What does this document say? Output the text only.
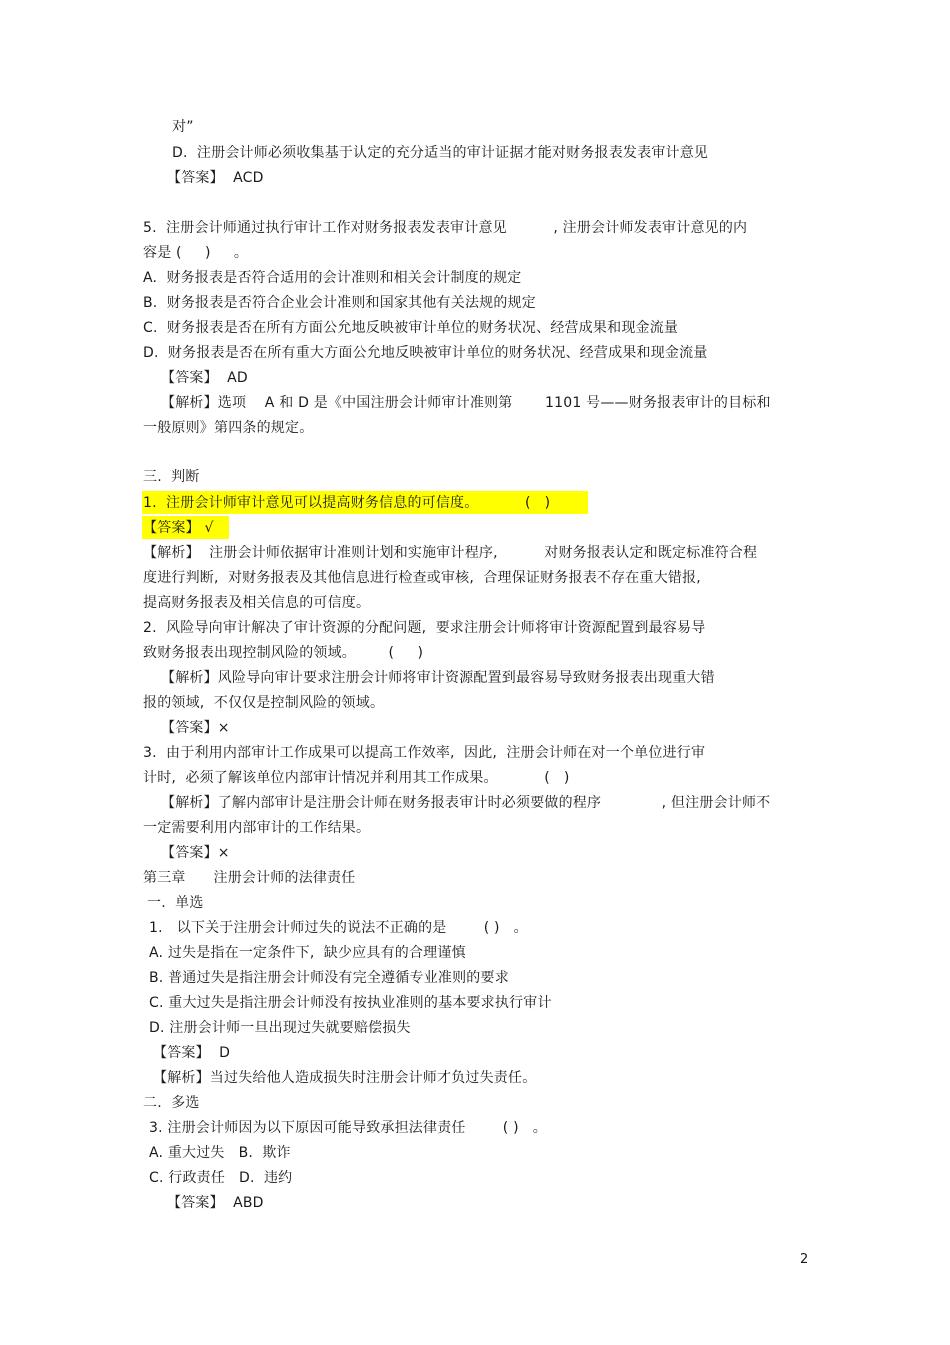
对”
D.  注册会计师必须收集基于认定的充分适当的审计证据才能对财务报表发表审计意见
【答案】  ACD
5.  注册会计师通过执行审计工作对财务报表发表审计意见          , 注册会计师发表审计意见的内
容是 (     )     。
A.  财务报表是否符合适用的会计准则和相关会计制度的规定
B.  财务报表是否符合企业会计准则和国家其他有关法规的规定
C.  财务报表是否在所有方面公允地反映被审计单位的财务状况、经营成果和现金流量
D.  财务报表是否在所有重大方面公允地反映被审计单位的财务状况、经营成果和现金流量
【答案】  AD
【解析】选项    A 和 D 是《中国注册会计师审计准则第       1101 号——财务报表审计的目标和
一般原则》第四条的规定。
三.  判断
1.  注册会计师审计意见可以提高财务信息的可信度。          (   )
【答案】 √
【解析】  注册会计师依据审计准则计划和实施审计程序,          对财务报表认定和既定标准符合程
度进行判断,  对财务报表及其他信息进行检查或审核,  合理保证财务报表不存在重大错报,
提高财务报表及相关信息的可信度。
2.  风险导向审计解决了审计资源的分配问题,  要求注册会计师将审计资源配置到最容易导
致财务报表出现控制风险的领域。       (     )
【解析】风险导向审计要求注册会计师将审计资源配置到最容易导致财务报表出现重大错
报的领域,  不仅仅是控制风险的领域。
【答案】×
3.  由于利用内部审计工作成果可以提高工作效率,  因此,  注册会计师在对一个单位进行审
计时,  必须了解该单位内部审计情况并利用其工作成果。          (   )
【解析】了解内部审计是注册会计师在财务报表审计时必须要做的程序             , 但注册会计师不
一定需要利用内部审计的工作结果。
【答案】×
第三章      注册会计师的法律责任
一.  单选
1.   以下关于注册会计师过失的说法不正确的是        ( )   。
A. 过失是指在一定条件下,  缺少应具有的合理谨慎
B. 普通过失是指注册会计师没有完全遵循专业准则的要求
C. 重大过失是指注册会计师没有按执业准则的基本要求执行审计
D. 注册会计师一旦出现过失就要赔偿损失
【答案】  D
【解析】当过失给他人造成损失时注册会计师才负过失责任。
二.  多选
3. 注册会计师因为以下原因可能导致承担法律责任        ( )   。
A. 重大过失   B.  欺诈
C. 行政责任   D.  违约
【答案】  ABD
2
